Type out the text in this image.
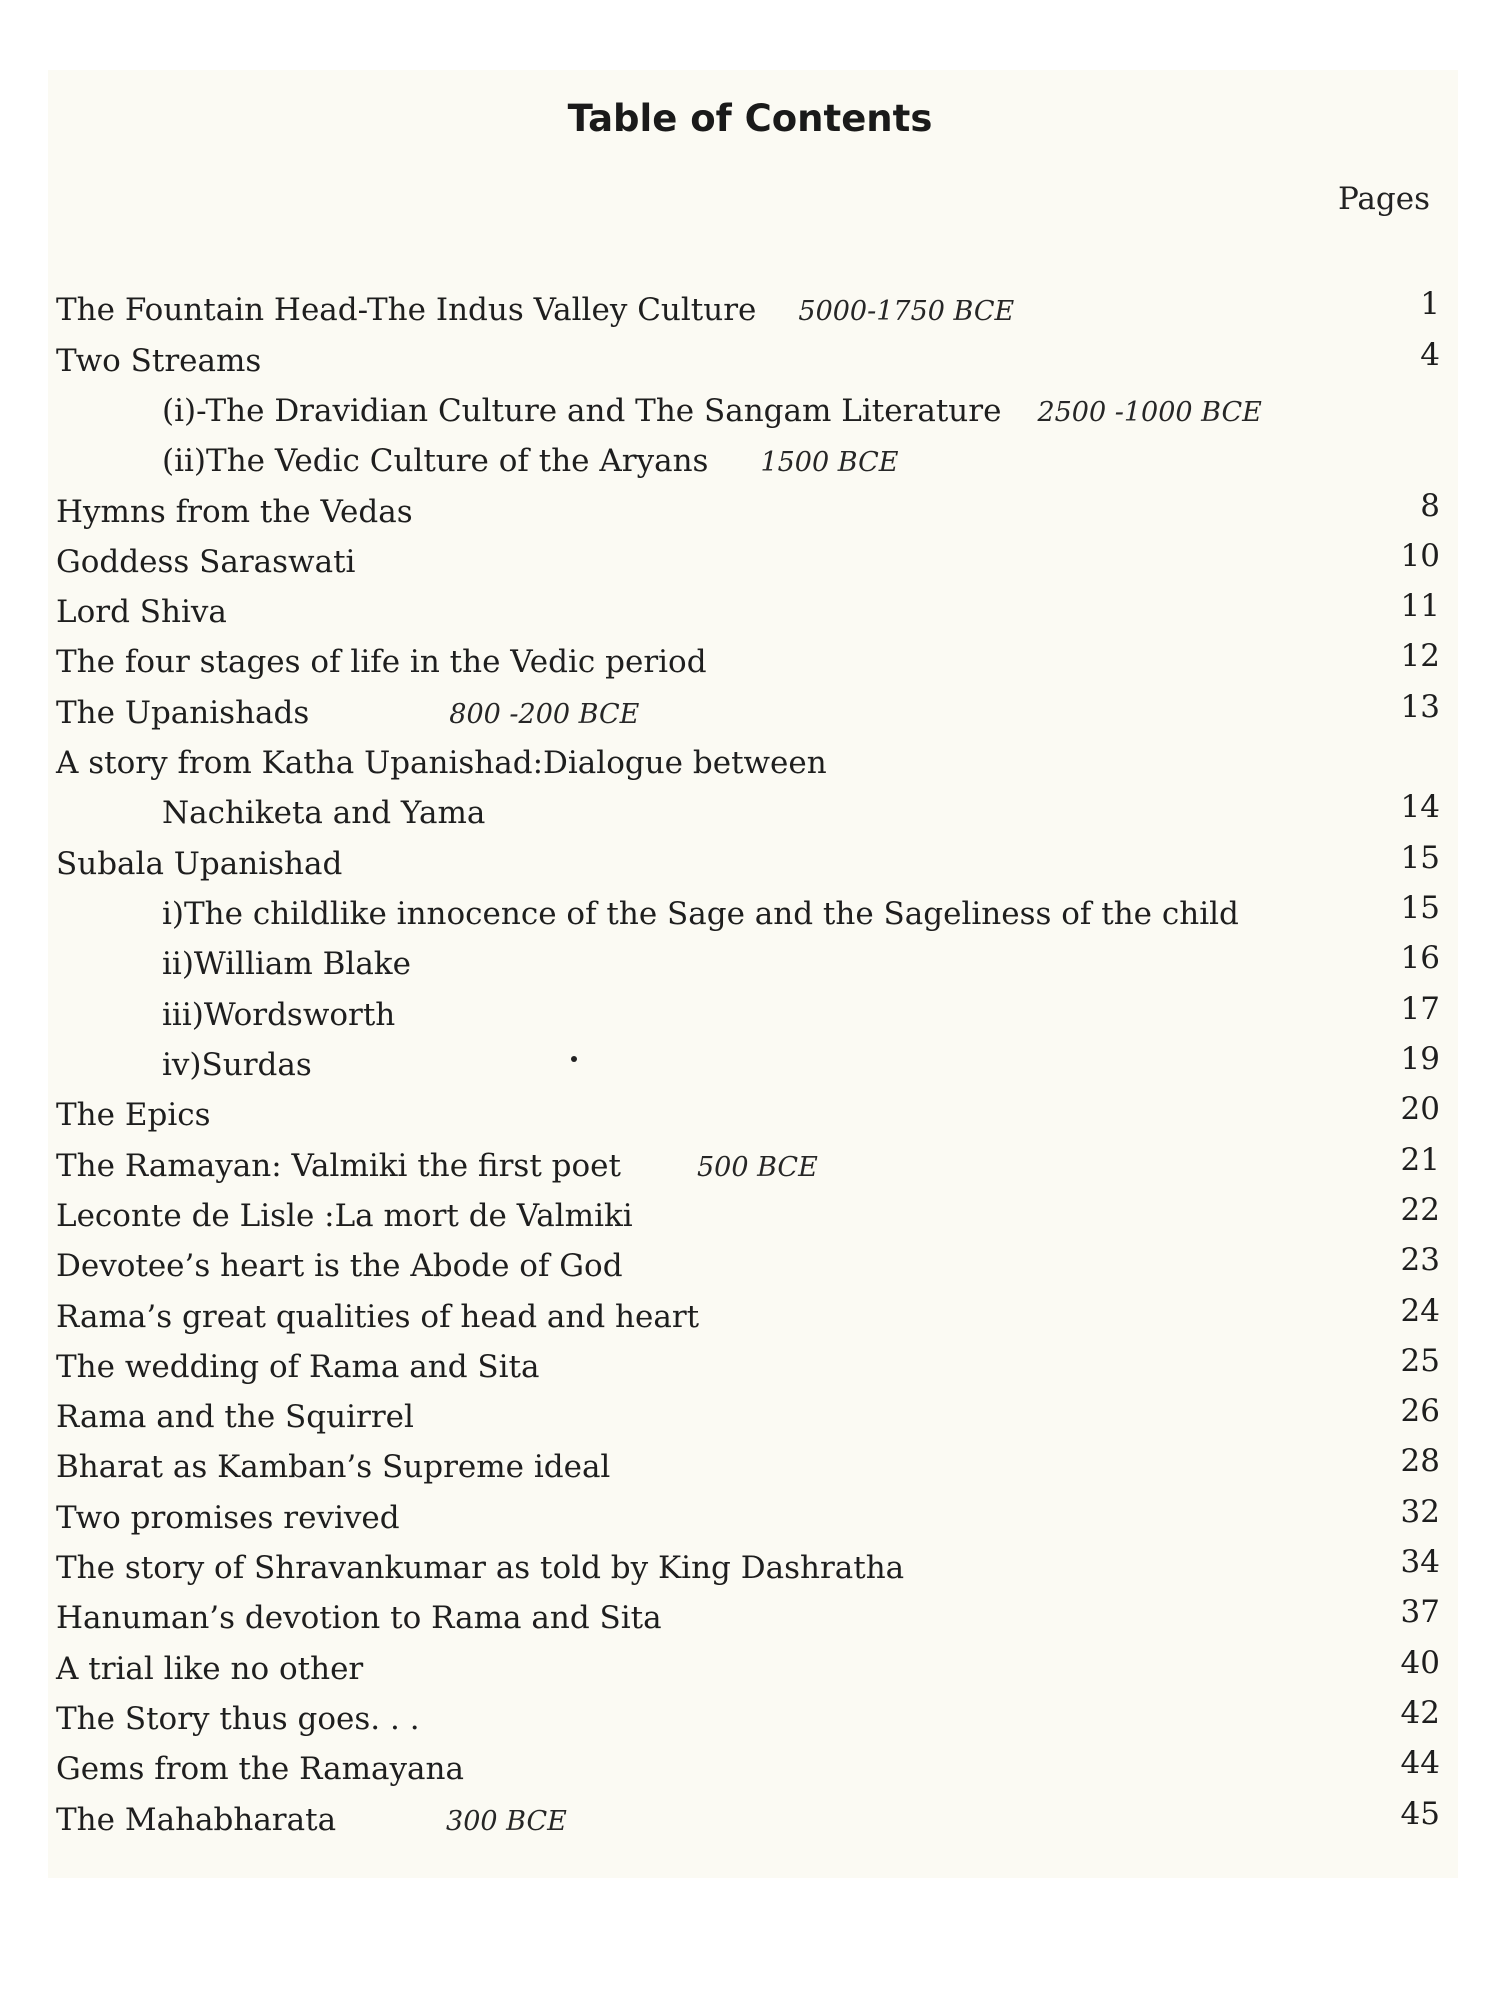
Table of Contents
Pages
The Fountain Head-The Indus Valley Culture 5000-1750 BCE	1
Two Streams	4
(i)-The Dravidian Culture and The Sangam Literature 2500 -1000 BCE
(ii)The Vedic Culture of the Aryans 1500 BCE
Hymns from the Vedas	8
Goddess Saraswati	10
Lord Shiva	11
The four stages of life in the Vedic period	12
The Upanishads	800 -200 BCE	13
A story from Katha Upanishad:Dialogue between
Nachiketa and Yama	14
Subala Upanishad	15
i)The childlike innocence of the Sage and the Sageliness of the child	15
ii)William Blake	16
iii)Wordsworth	17
iv)Surdas	19
The Epics	20
The Ramayan: Valmiki the first poet	500 BCE	21
Leconte de Lisle :La mort de Valmiki	22
Devotee’s heart is the Abode of God	23
Rama’s great qualities of head and heart	24
The wedding of Rama and Sita	25
Rama and the Squirrel	26
Bharat as Kamban’s Supreme ideal	28
Two promises revived	32
The story of Shravankumar as told by King Dashratha	34
Hanuman’s devotion to Rama and Sita	37
A trial like no other	40
The Story thus goes. . .	42
Gems from the Ramayana	44
The Mahabharata	300 BCE	45
